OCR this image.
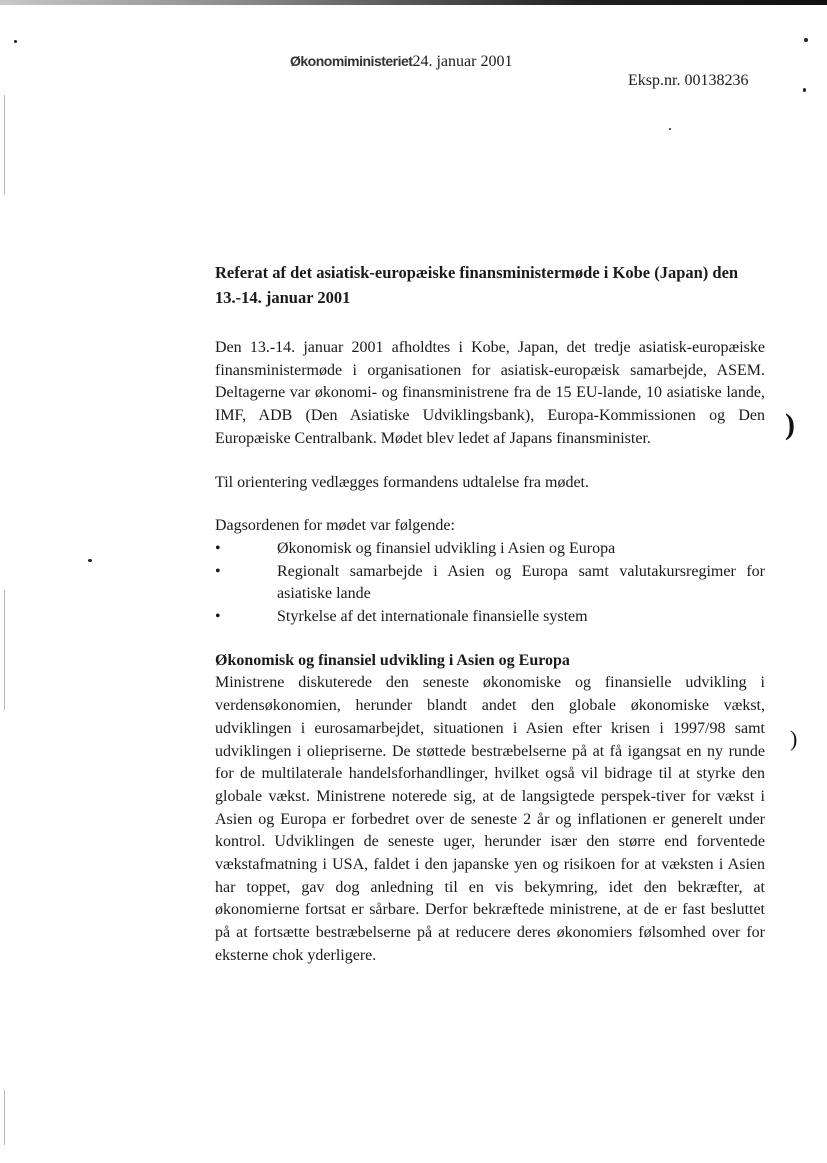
)
)
Økonomiministeriet24. januar 2001
Eksp.nr. 00138236

Referat af det asiatisk-europæiske finansministermøde i Kobe (Japan) den 13.-14. januar 2001

Den 13.-14. januar 2001 afholdtes i Kobe, Japan, det tredje asiatisk-europæiske finansministermøde i organisationen for asiatisk-europæisk samarbejde, ASEM. Deltagerne var økonomi- og finansministrene fra de 15 EU-lande, 10 asiatiske lande, IMF, ADB (Den Asiatiske Udviklingsbank), Europa-Kommissionen og Den Europæiske Centralbank. Mødet blev ledet af Japans finansminister.

Til orientering vedlægges formandens udtalelse fra mødet.

Dagsordenen for mødet var følgende:

•	Økonomisk og finansiel udvikling i Asien og Europa
•	Regionalt samarbejde i Asien og Europa samt valutakursregimer for asiatiske lande
•	Styrkelse af det internationale finansielle system

Økonomisk og finansiel udvikling i Asien og Europa

Ministrene diskuterede den seneste økonomiske og finansielle udvikling i verdensøkonomien, herunder blandt andet den globale økonomiske vækst, udviklingen i eurosamarbejdet, situationen i Asien efter krisen i 1997/98 samt udviklingen i oliepriserne. De støttede bestræbelserne på at få igangsat en ny runde for de multilaterale handelsforhandlinger, hvilket også vil bidrage til at styrke den globale vækst. Ministrene noterede sig, at de langsigtede perspek-tiver for vækst i Asien og Europa er forbedret over de seneste 2 år og inflationen er generelt under kontrol. Udviklingen de seneste uger, herunder især den større end forventede vækstafmatning i USA, faldet i den japanske yen og risikoen for at væksten i Asien har toppet, gav dog anledning til en vis bekymring, idet den bekræfter, at økonomierne fortsat er sårbare. Derfor bekræftede ministrene, at de er fast besluttet på at fortsætte bestræbelserne på at reducere deres økonomiers følsomhed over for eksterne chok yderligere.
